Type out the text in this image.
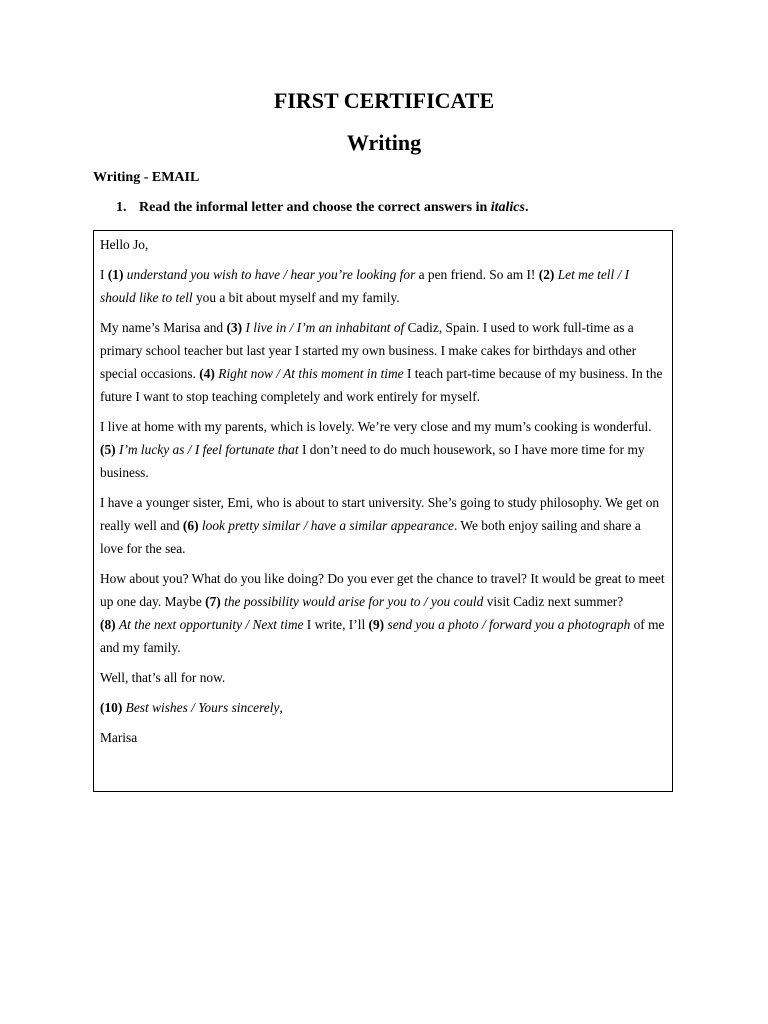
FIRST CERTIFICATE
Writing

Writing - EMAIL

1. Read the informal letter and choose the correct answers in italics.

Hello Jo,

I (1) understand you wish to have / hear you’re looking for a pen friend. So am I! (2) Let me tell / I should like to tell you a bit about myself and my family.

My name’s Marisa and (3) I live in / I’m an inhabitant of Cadiz, Spain. I used to work full-time as a primary school teacher but last year I started my own business. I make cakes for birthdays and other special occasions. (4) Right now / At this moment in time I teach part-time because of my business. In the future I want to stop teaching completely and work entirely for myself.

I live at home with my parents, which is lovely. We’re very close and my mum’s cooking is wonderful.

(5) I’m lucky as / I feel fortunate that I don’t need to do much housework, so I have more time for my business.

I have a younger sister, Emi, who is about to start university. She’s going to study philosophy. We get on really well and (6) look pretty similar / have a similar appearance. We both enjoy sailing and share a love for the sea.

How about you? What do you like doing? Do you ever get the chance to travel? It would be great to meet up one day. Maybe (7) the possibility would arise for you to / you could visit Cadiz next summer?

(8) At the next opportunity / Next time I write, I’ll (9) send you a photo / forward you a photograph of me and my family.

Well, that’s all for now.

(10) Best wishes / Yours sincerely,

Marisa
